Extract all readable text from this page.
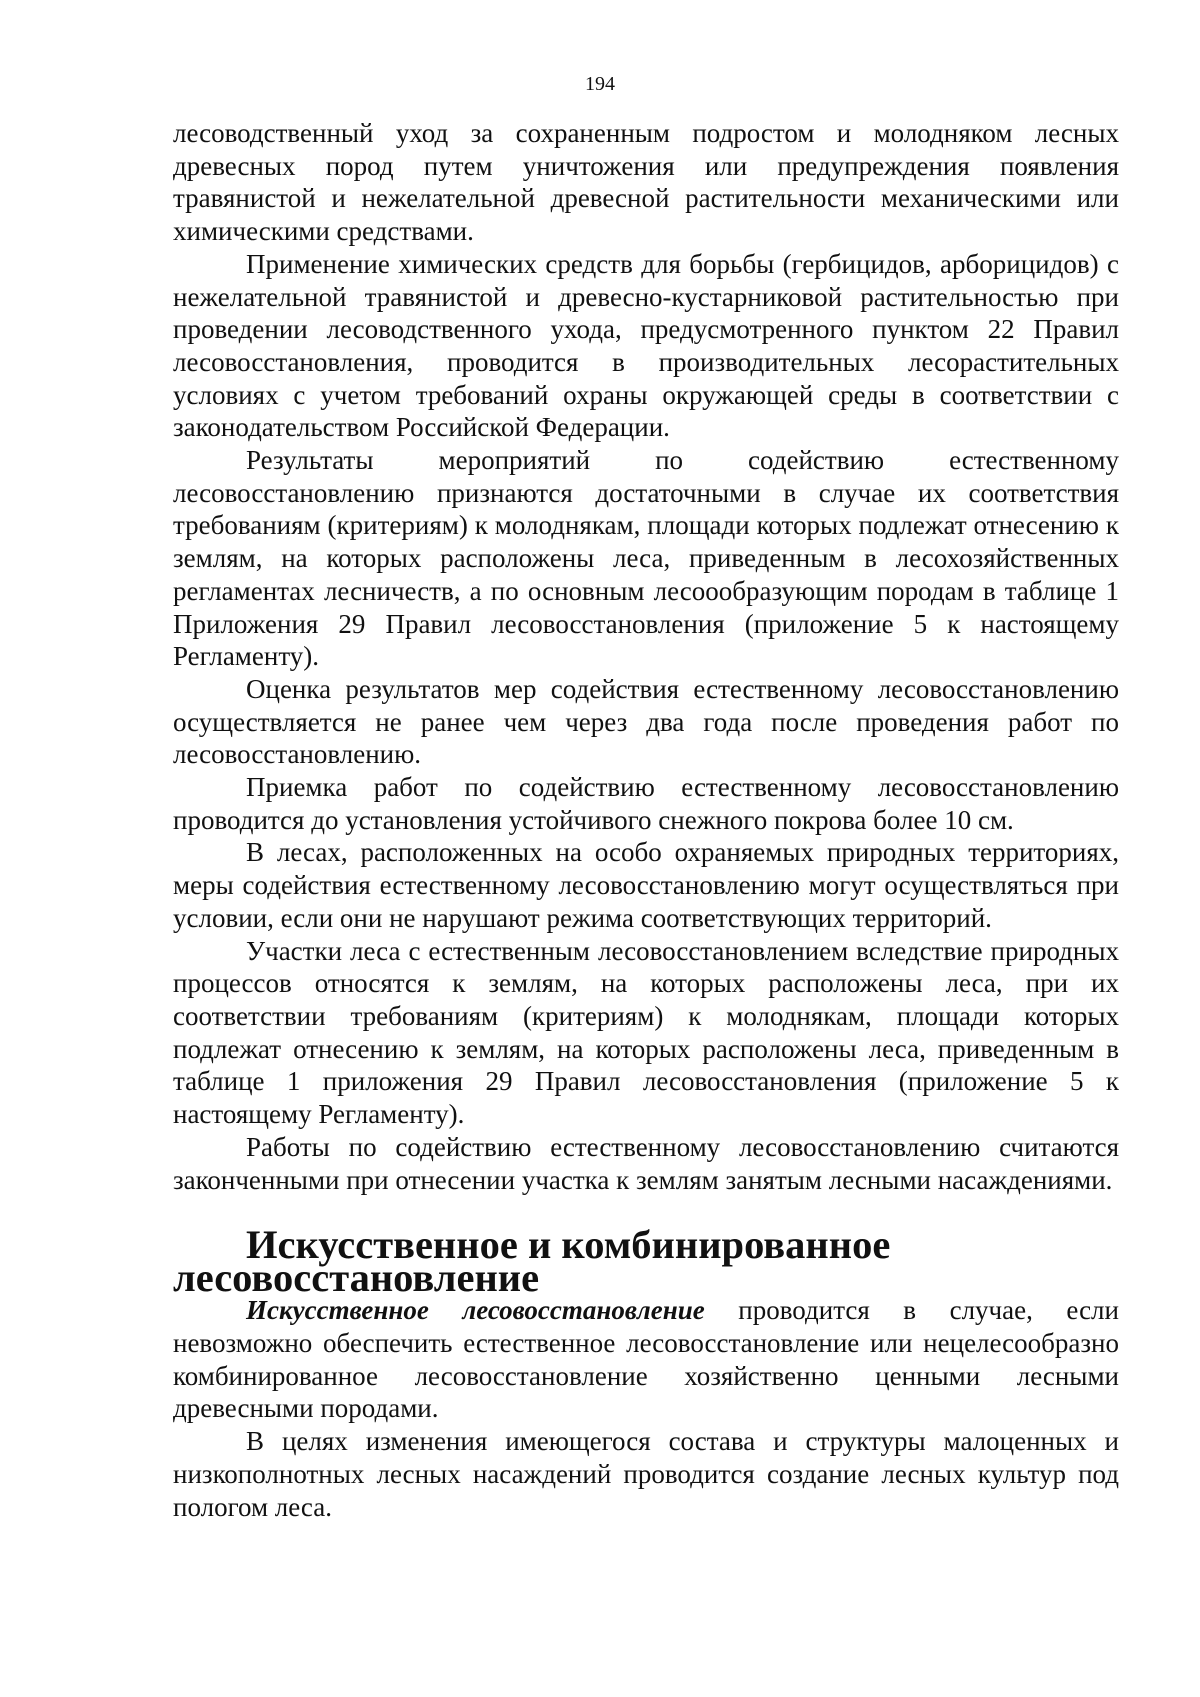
194

лесоводственный уход за сохраненным подростом и молодняком лесных древесных пород путем уничтожения или предупреждения появления травянистой и нежелательной древесной растительности механическими или химическими средствами.

Применение химических средств для борьбы (гербицидов, арборицидов) с нежелательной травянистой и древесно-кустарниковой растительностью при проведении лесоводственного ухода, предусмотренного пунктом 22 Правил лесовосстановления, проводится в производительных лесорастительных условиях с учетом требований охраны окружающей среды в соответствии с законодательством Российской Федерации.

Результаты мероприятий по содействию естественному лесовосстановлению признаются достаточными в случае их соответствия требованиям (критериям) к молоднякам, площади которых подлежат отнесению к землям, на которых расположены леса, приведенным в лесохозяйственных регламентах лесничеств, а по основным лесоообразующим породам в таблице 1 Приложения 29 Правил лесовосстановления (приложение 5 к настоящему Регламенту).

Оценка результатов мер содействия естественному лесовосстановлению осуществляется не ранее чем через два года после проведения работ по лесовосстановлению.

Приемка работ по содействию естественному лесовосстановлению проводится до установления устойчивого снежного покрова более 10 см.

В лесах, расположенных на особо охраняемых природных территориях, меры содействия естественному лесовосстановлению могут осуществляться при условии, если они не нарушают режима соответствующих территорий.

Участки леса с естественным лесовосстановлением вследствие природных процессов относятся к землям, на которых расположены леса, при их соответствии требованиям (критериям) к молоднякам, площади которых подлежат отнесению к землям, на которых расположены леса, приведенным в таблице 1 приложения 29 Правил лесовосстановления (приложение 5 к настоящему Регламенту).

Работы по содействию естественному лесовосстановлению считаются законченными при отнесении участка к землям занятым лесными насаждениями.

Искусственное и комбинированное лесовосстановление

Искусственное лесовосстановление проводится в случае, если невозможно обеспечить естественное лесовосстановление или нецелесообразно комбинированное лесовосстановление хозяйственно ценными лесными древесными породами.

В целях изменения имеющегося состава и структуры малоценных и низкополнотных лесных насаждений проводится создание лесных культур под пологом леса.
